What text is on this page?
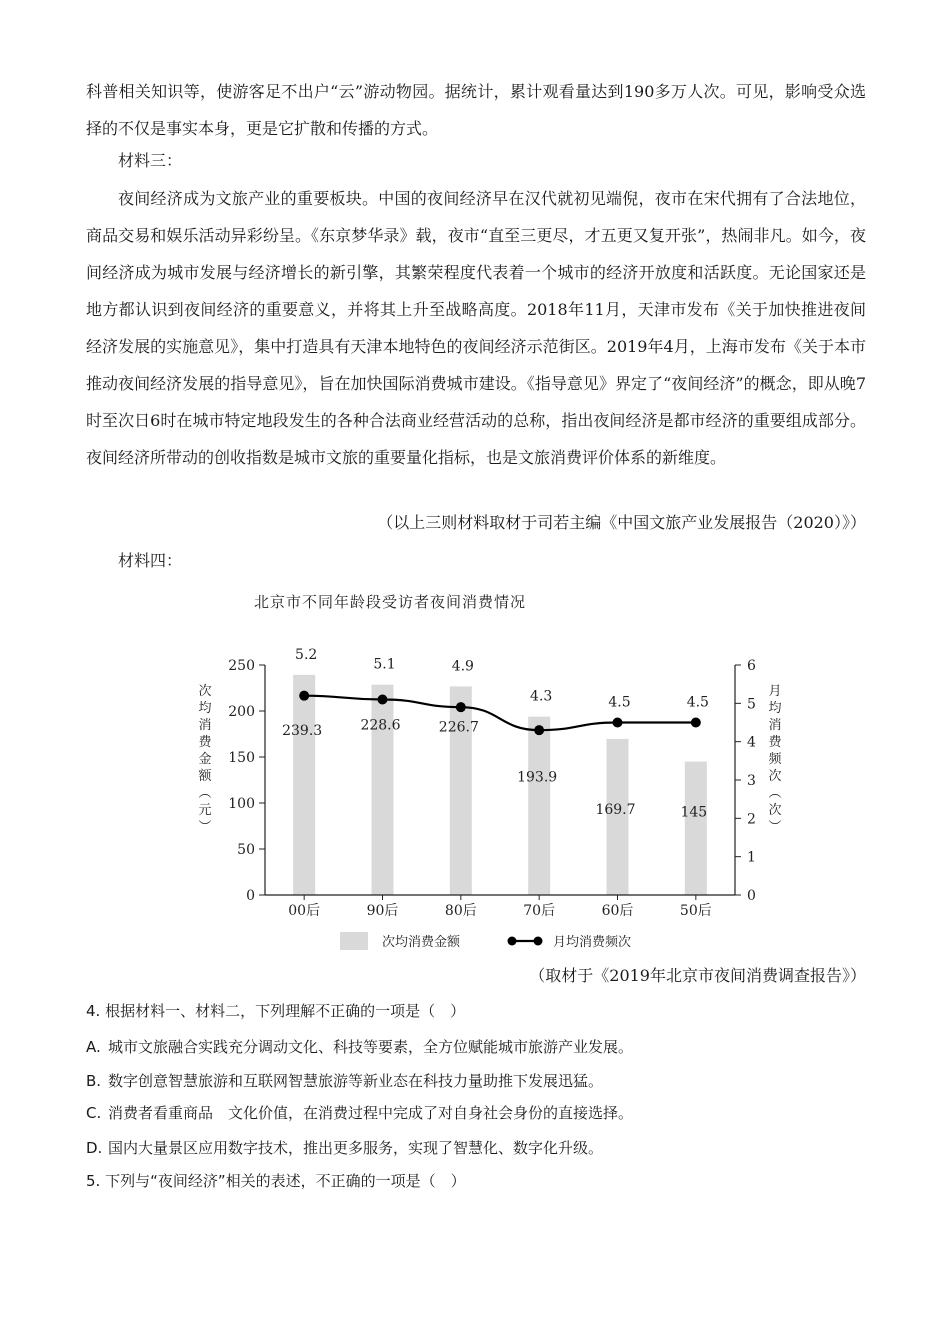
科普相关知识等，使游客足不出户“云”游动物园。据统计，累计观看量达到190多万人次。可见，影响受众选择的不仅是事实本身，更是它扩散和传播的方式。

材料三：

夜间经济成为文旅产业的重要板块。中国的夜间经济早在汉代就初见端倪，夜市在宋代拥有了合法地位，商品交易和娱乐活动异彩纷呈。《东京梦华录》载，夜市“直至三更尽，才五更又复开张”，热闹非凡。如今，夜间经济成为城市发展与经济增长的新引擎，其繁荣程度代表着一个城市的经济开放度和活跃度。无论国家还是地方都认识到夜间经济的重要意义，并将其上升至战略高度。2018年11月，天津市发布《关于加快推进夜间经济发展的实施意见》，集中打造具有天津本地特色的夜间经济示范街区。2019年4月，上海市发布《关于本市推动夜间经济发展的指导意见》，旨在加快国际消费城市建设。《指导意见》界定了“夜间经济”的概念，即从晚7时至次日6时在城市特定地段发生的各种合法商业经营活动的总称，指出夜间经济是都市经济的重要组成部分。夜间经济所带动的创收指数是城市文旅的重要量化指标，也是文旅消费评价体系的新维度。

（以上三则材料取材于司若主编《中国文旅产业发展报告（2020）》）

材料四：

北京市不同年龄段受访者夜间消费情况
0
50
100
150
200
250
0
1
2
3
4
5
6
00后	90后	80后	70后	60后	50后
239.3	228.6	226.7
193.9
169.7	145
5.2
5.1	4.9
4.3	4.5	4.5
次均消费金额︵元︶
月均消费频次︵次︶
次均消费金额	月均消费频次

（取材于《2019年北京市夜间消费调查报告》）

4. 根据材料一、材料二，下列理解不正确的一项是（　）

A. 城市文旅融合实践充分调动文化、科技等要素，全方位赋能城市旅游产业发展。

B. 数字创意智慧旅游和互联网智慧旅游等新业态在科技力量助推下发展迅猛。

C. 消费者看重商品　文化价值，在消费过程中完成了对自身社会身份的直接选择。

D. 国内大量景区应用数字技术，推出更多服务，实现了智慧化、数字化升级。

5. 下列与“夜间经济”相关的表述，不正确的一项是（　）
